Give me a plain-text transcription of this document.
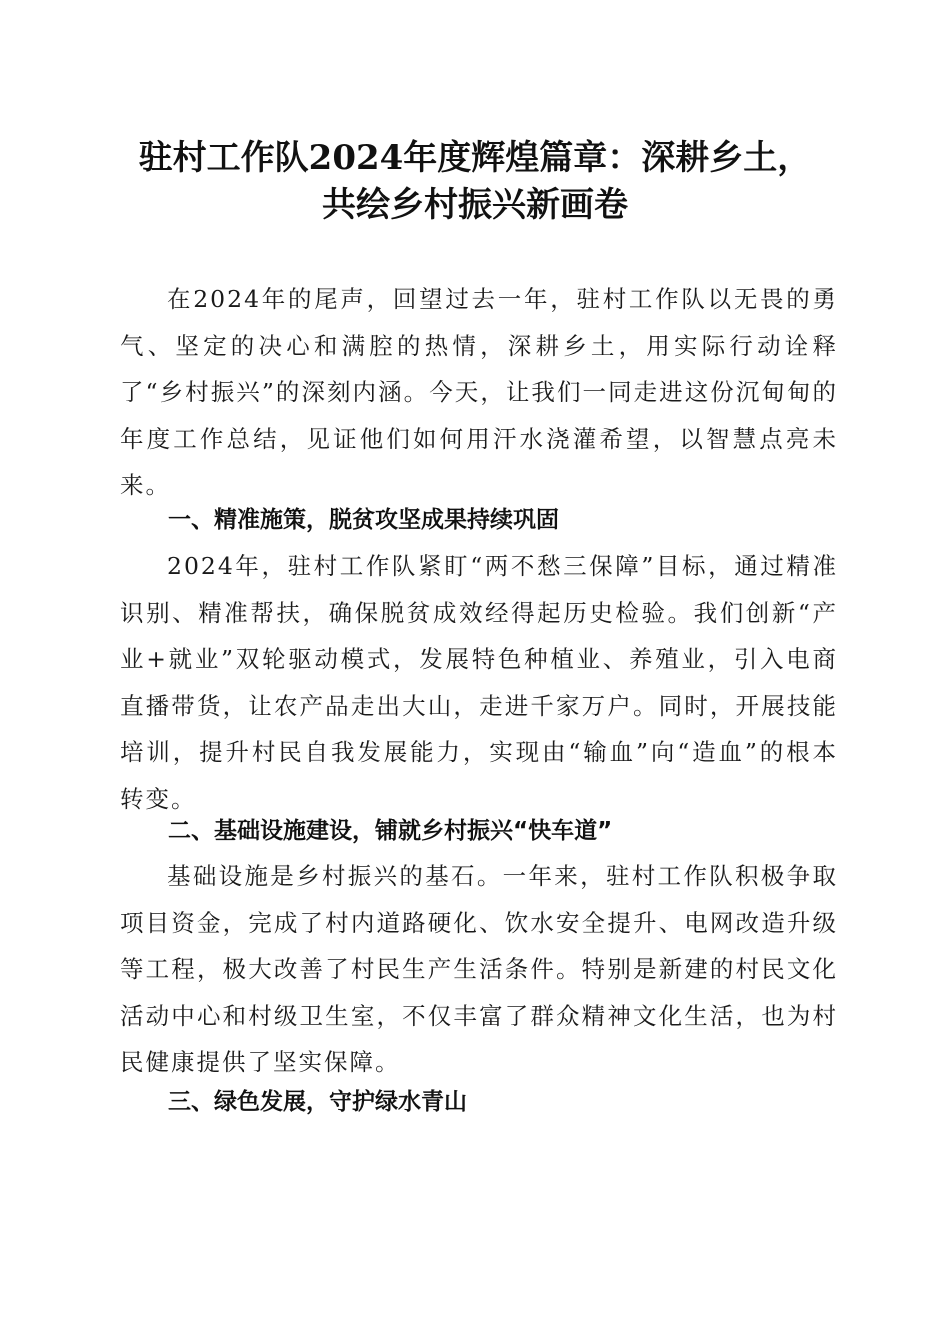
驻村工作队2024年度辉煌篇章：深耕乡土，
共绘乡村振兴新画卷

在2024年的尾声，回望过去一年，驻村工作队以无畏的勇气、坚定的决心和满腔的热情，深耕乡土，用实际行动诠释了“乡村振兴”的深刻内涵。今天，让我们一同走进这份沉甸甸的年度工作总结，见证他们如何用汗水浇灌希望，以智慧点亮未来。

一、精准施策，脱贫攻坚成果持续巩固

2024年，驻村工作队紧盯“两不愁三保障”目标，通过精准识别、精准帮扶，确保脱贫成效经得起历史检验。我们创新“产业+就业”双轮驱动模式，发展特色种植业、养殖业，引入电商直播带货，让农产品走出大山，走进千家万户。同时，开展技能培训，提升村民自我发展能力，实现由“输血”向“造血”的根本转变。

二、基础设施建设，铺就乡村振兴“快车道”

基础设施是乡村振兴的基石。一年来，驻村工作队积极争取项目资金，完成了村内道路硬化、饮水安全提升、电网改造升级等工程，极大改善了村民生产生活条件。特别是新建的村民文化活动中心和村级卫生室，不仅丰富了群众精神文化生活，也为村民健康提供了坚实保障。

三、绿色发展，守护绿水青山
